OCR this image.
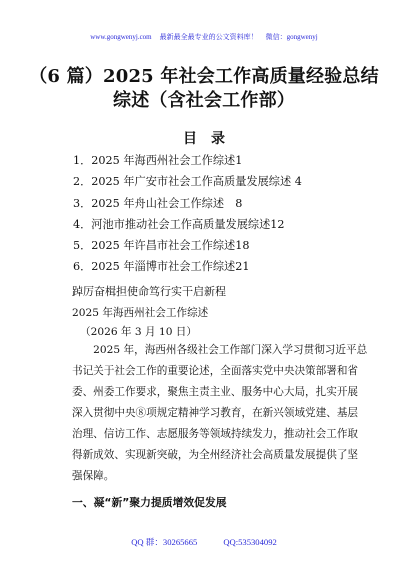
www.gongwenyj.com 最新最全最专业的公文资料库！ 微信：gongwenyj
（6 篇）2025 年社会工作高质量经验总结
综述（含社会工作部）
目录
1．2025 年海西州社会工作综述1
2．2025 年广安市社会工作高质量发展综述 4
3．2025 年舟山社会工作综述　8
4．河池市推动社会工作高质量发展综述12
5．2025 年许昌市社会工作综述18
6．2025 年淄博市社会工作综述21
踔厉奋楫担使命笃行实干启新程
2025 年海西州社会工作综述
（2026 年 3 月 10 日）

　　2025 年，海西州各级社会工作部门深入学习贯彻习近平总

书记关于社会工作的重要论述，全面落实党中央决策部署和省

委、州委工作要求，聚焦主责主业、服务中心大局，扎实开展

深入贯彻中央⑧项规定精神学习教育，在新兴领域党建、基层

治理、信访工作、志愿服务等领域持续发力，推动社会工作取

得新成效、实现新突破，为全州经济社会高质量发展提供了坚

强保障。

一、凝“新”聚力提质增效促发展
QQ 群：30265665	QQ:535304092
